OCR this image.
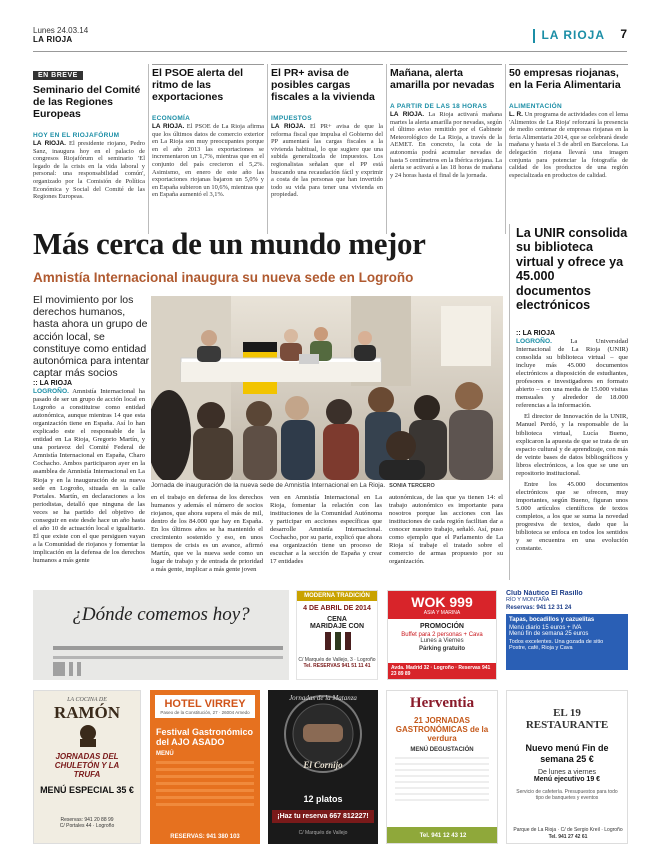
Lunes 24.03.14
LA RIOJA	LA RIOJA 7
EN BREVE
Seminario del Comité de las Regiones Europeas
HOY EN EL RIOJAFÓRUM

LA RIOJA. El presidente riojano, Pedro Sanz, inaugura hoy en el palacio de congresos Riojafórum el seminario 'El legado de la crisis en la vida laboral y personal: una responsabilidad común', organizado por la Comisión de Política Económica y Social del Comité de las Regiones Europeas.

El PSOE alerta del ritmo de las exportaciones
ECONOMÍA

LA RIOJA. El PSOE de La Rioja afirma que los últimos datos de comercio exterior en La Rioja son muy preocupantes porque en el año 2013 las exportaciones se incrementaron un 1,7%, mientras que en el conjunto del país crecieron el 5,2%. Asimismo, en enero de este año las exportaciones riojanas bajaron un 5,0% y en España subieron un 10,6%, mientras que en España aumentó el 3,1%.

El PR+ avisa de posibles cargas fiscales a la vivienda
IMPUESTOS

LA RIOJA. El PR+ avisa de que la reforma fiscal que impulsa el Gobierno del PP aumentará las cargas fiscales a la vivienda habitual, lo que sugiere que una subida generalizada de impuestos. Los regionalistas señalan que el PP está buscando una recaudación fácil y exprimir a costa de las personas que han invertido todo su vida para tener una vivienda en propiedad.

Mañana, alerta amarilla por nevadas
A PARTIR DE LAS 18 HORAS

LA RIOJA. La Rioja activará mañana martes la alerta amarilla por nevadas, según el último aviso remitido por el Gabinete Meteorológico de La Rioja, a través de la AEMET. En concreto, la cota de la autonomía podrá acumular nevadas de hasta 5 centímetros en la Ibérica riojana. La alerta se activará a las 18 horas de mañana y 24 horas hasta el final de la jornada.

50 empresas riojanas, en la Feria Alimentaria
ALIMENTACIÓN

L. R. Un programa de actividades con el lema 'Alimentos de La Rioja' reforzará la presencia de medio centenar de empresas riojanas en la feria Alimentaria 2014, que se celebrará desde mañana y hasta el 3 de abril en Barcelona. La delegación riojana llevará una imagen conjunta para potenciar la fotografía de calidad de los productos de una región especializada en productos de calidad.

Más cerca de un mundo mejor
Amnistía Internacional inaugura su nueva sede en Logroño
El movimiento por los derechos humanos, hasta ahora un grupo de acción local, se constituye como entidad autonómica para intentar captar más socios
:: LA RIOJA
LOGROÑO. Amnistía Internacional ha pasado de ser un grupo de acción local en Logroño a constituirse como entidad autonómica, aunque mientras 14 que esta organización tiene en España. Así lo han explicado este el responsable de la entidad en La Rioja, Gregorio Martín, y una portavoz del Comité Federal de Amnistía Internacional en España, Charo Cochacho. Ambos participaron ayer en la asamblea de Amnistía Internacional en La Rioja y en la inauguración de su nueva sede en Logroño, situada en la calle Portales. Martín, en declaraciones a los periodistas, detalló que ninguna de las veces se ha partido del objetivo de conseguir en este desde hace un año hasta el año 10 de actuación local e igualitario. El que existe con el que persiguen vayan a la Comunidad de riojanos y fomentar la implicación en la defensa de los derechos humanos a más gente
Jornada de inauguración de la nueva sede de Amnistía Internacional en La Rioja. SONIA TERCERO
en el trabajo en defensa de los derechos humanos y además el número de socios riojanos, que ahora supera el más de mil, dentro de los 84.000 que hay en España. En los últimos años se ha mantenido el crecimiento sostenido y eso, en unos tiempos de crisis es un avance, afirmó Martín, que ve la nueva sede como un lugar de trabajo y de entrada de prioridad a más gente, implicar a más gente joven
ven en Amnistía Internacional en La Rioja, fomentar la relación con las instituciones de la Comunidad Autónoma y participar en acciones específicas que desarrolle Amnistía Internacional. Cochacho, por su parte, explicó que ahora esa organización tiene un proceso de escuchar a la sección de España y crear 17 entidades
autonómicas, de las que ya tienen 14: el trabajo autonómico es importante para nosotros porque las acciones con las instituciones de cada región facilitan dar a conocer nuestro trabajo, señaló. Así, puso como ejemplo que el Parlamento de La Rioja sí trabaje el tratado sobre el comercio de armas propuesto por su organización.
La UNIR consolida su biblioteca virtual y ofrece ya 45.000 documentos electrónicos
:: LA RIOJA
LOGROÑO.	La Universidad Internacional de La Rioja (UNIR) consolida su biblioteca virtual – que incluye más 45.000 documentos electrónicos a disposición de estudiantes, profesores e investigadores en formato abierto – con una media de 15.000 visitas mensuales y alrededor de 18.000 referencias a la información.
El director de Innovación de la UNIR, Manuel Perdó, y la responsable de la biblioteca virtual, Lucía Bueno, explicaron la apuesta de que se trata de un espacio cultural y de aprendizaje, con más de veinte bases de datos bibliográficos y libros electrónicos, a los que se une un repositorio institucional.
Entre los 45.000 documentos electrónicos que se ofrecen, muy importantes, según Bueno, figuran unos 5.000 artículos científicos de textos completos, a los que se suma la novedad progresiva de textos, dado que la biblioteca se enfoca en todos los sentidos y se encuentra en una evolución constante.
¿Dónde comemos hoy?
MODERNA TRADICIÓN
4 DE ABRIL DE 2014
CENA
MARIDAJE CON
C/ Marqués de Vallejo, 3 · Logroño
Tel. RESERVAS 941 51 11 41
WOK 999
ASIA Y MARINA
PROMOCIÓN
Buffet para 2 personas + Cava
Lunes a Viernes
Párking gratuito
Avda. Madrid 32 · Logroño · Reservas 941 23 89 89
Club Náutico El Rasillo
RÍO Y MONTAÑA
Reservas: 941 12 31 24
Tapas, bocadillos y cazuelitas
Menú diario 15 euros + IVA
Menú fin de semana 25 euros
Todos excelentes. Una gozada de sitio
Postre, café, Rioja y Cava
LA COCINA DE
RAMÓN
JORNADAS DEL CHULETÓN Y LA TRUFA
MENÚ ESPECIAL 35 €
Reservas: 941 20 88 99
C/ Portales 44 · Logroño
HOTEL VIRREY
Paseo de la Constitución, 27 · 26004 Arnedo
Festival Gastronómico del AJO ASADO
MENÚ
RESERVAS: 941 380 103
Jornadas de la Matanza
El Cornijo
12 platos
¡Haz tu reserva 667 812227!
C/ Marqués de Vallejo
Herventia
21 JORNADAS GASTRONÓMICAS de la verdura
MENÚ DEGUSTACIÓN
Tel. 941 12 43 12
EL 19 RESTAURANTE
Nuevo menú Fin de semana 25 €
De lunes a viernes
Menú ejecutivo 19 €
Servicio de cafetería. Presupuestos para todo tipo de banquetes y eventos
Parque de La Rioja · C/ de Sergio Kreil · Logroño
Tel. 941 27 42 61
